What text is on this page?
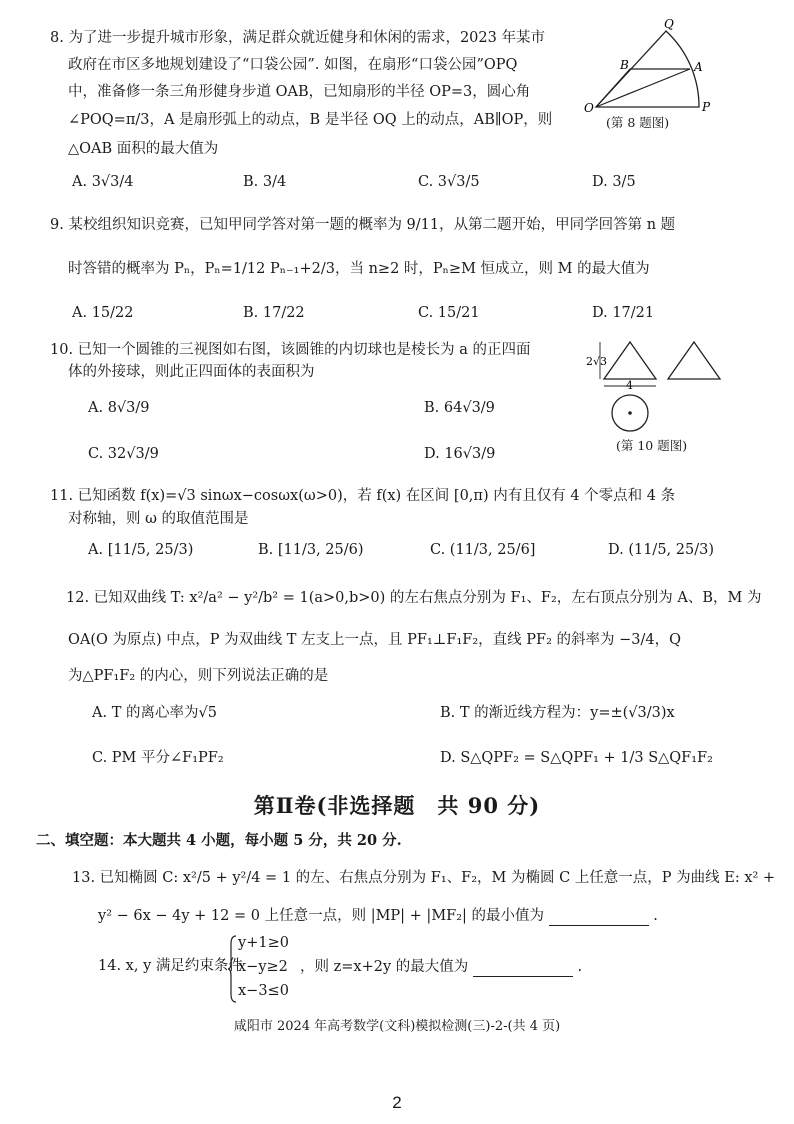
8. 为了进一步提升城市形象，满足群众就近健身和休闲的需求，2023 年某市
政府在市区多地规划建设了“口袋公园”. 如图，在扇形“口袋公园”OPQ
中，准备修一条三角形健身步道 OAB，已知扇形的半径 OP=3，圆心角
∠POQ=π/3，A 是扇形弧上的动点，B 是半径 OQ 上的动点，AB∥OP，则
△OAB 面积的最大值为
A. 3√3/4	B. 3/4	C. 3√3/5	D. 3/5
O	P
Q
A
B
(第 8 题图)
9. 某校组织知识竞赛，已知甲同学答对第一题的概率为 9/11，从第二题开始，甲同学回答第 n 题
时答错的概率为 Pₙ，Pₙ=1/12 Pₙ₋₁+2/3，当 n≥2 时，Pₙ≥M 恒成立，则 M 的最大值为
A. 15/22	B. 17/22	C. 15/21	D. 17/21
10. 已知一个圆锥的三视图如右图，该圆锥的内切球也是棱长为 a 的正四面
体的外接球，则此正四面体的表面积为
A. 8√3/9	B. 64√3/9
C. 32√3/9	D. 16√3/9
2√3
4
(第 10 题图)
11. 已知函数 f(x)=√3 sinωx−cosωx(ω>0)，若 f(x) 在区间 [0,π) 内有且仅有 4 个零点和 4 条
对称轴，则 ω 的取值范围是
A. [11/5, 25/3)	B. [11/3, 25/6)	C. (11/3, 25/6]	D. (11/5, 25/3)
12. 已知双曲线 T: x²/a² − y²/b² = 1(a>0,b>0) 的左右焦点分别为 F₁、F₂，左右顶点分别为 A、B，M 为
OA(O 为原点) 中点，P 为双曲线 T 左支上一点，且 PF₁⊥F₁F₂，直线 PF₂ 的斜率为 −3/4，Q
为△PF₁F₂ 的内心，则下列说法正确的是
A. T 的离心率为√5	B. T 的渐近线方程为：y=±(√3/3)x
C. PM 平分∠F₁PF₂	D. S△QPF₂ = S△QPF₁ + 1/3 S△QF₁F₂
第Ⅱ卷(非选择题　共 90 分)
二、填空题：本大题共 4 小题，每小题 5 分，共 20 分.
13. 已知椭圆 C: x²/5 + y²/4 = 1 的左、右焦点分别为 F₁、F₂，M 为椭圆 C 上任意一点，P 为曲线 E: x² +
y² − 6x − 4y + 12 = 0 上任意一点，则 |MP| + |MF₂| 的最小值为	.
14. x, y 满足约束条件
y+1≥0
x−y≥2
x−3≤0
，则 z=x+2y 的最大值为	.
咸阳市 2024 年高考数学(文科)模拟检测(三)-2-(共 4 页)
2
